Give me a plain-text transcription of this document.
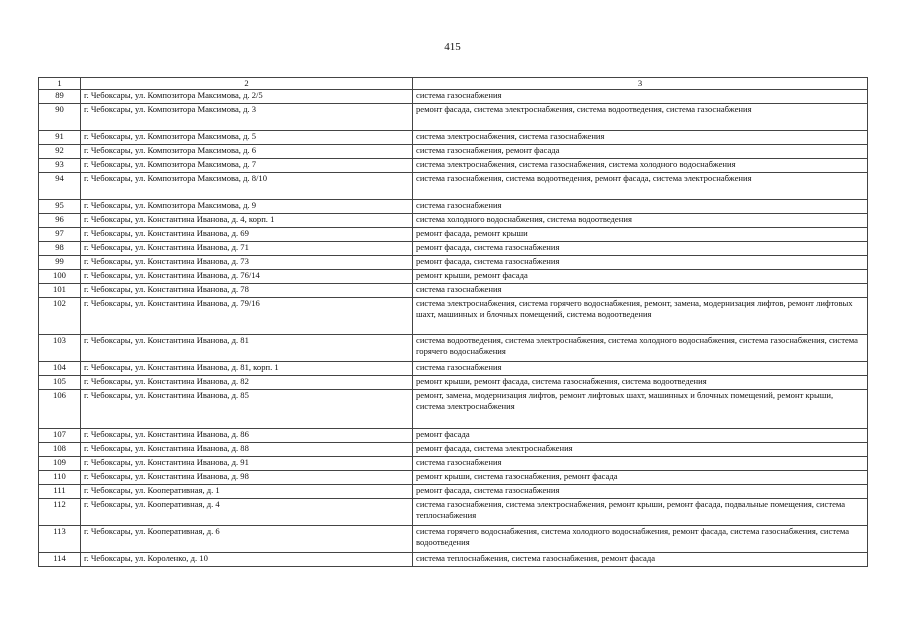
415
1	2	3
89	г. Чебоксары, ул. Композитора Максимова, д. 2/5	система газоснабжения
90	г. Чебоксары, ул. Композитора Максимова, д. 3	ремонт фасада, система электроснабжения, система водоотведения, система газоснабжения
91	г. Чебоксары, ул. Композитора Максимова, д. 5	система электроснабжения, система газоснабжения
92	г. Чебоксары, ул. Композитора Максимова, д. 6	система газоснабжения, ремонт фасада
93	г. Чебоксары, ул. Композитора Максимова, д. 7	система электроснабжения, система газоснабжения, система холодного водоснабжения
94	г. Чебоксары, ул. Композитора Максимова, д. 8/10	система газоснабжения, система водоотведения, ремонт фасада, система электроснабжения
95	г. Чебоксары, ул. Композитора Максимова, д. 9	система газоснабжения
96	г. Чебоксары, ул. Константина Иванова, д. 4, корп. 1	система холодного водоснабжения, система водоотведения
97	г. Чебоксары, ул. Константина Иванова, д. 69	ремонт фасада, ремонт крыши
98	г. Чебоксары, ул. Константина Иванова, д. 71	ремонт фасада, система газоснабжения
99	г. Чебоксары, ул. Константина Иванова, д. 73	ремонт фасада, система газоснабжения
100	г. Чебоксары, ул. Константина Иванова, д. 76/14	ремонт крыши, ремонт фасада
101	г. Чебоксары, ул. Константина Иванова, д. 78	система газоснабжения
102	г. Чебоксары, ул. Константина Иванова, д. 79/16	система электроснабжения, система горячего водоснабжения, ремонт, замена, модернизация лифтов, ремонт лифтовых шахт, машинных и блочных помещений, система водоотведения
103	г. Чебоксары, ул. Константина Иванова, д. 81	система водоотведения, система электроснабжения, система холодного водоснабжения, система газоснабжения, система горячего водоснабжения
104	г. Чебоксары, ул. Константина Иванова, д. 81, корп. 1	система газоснабжения
105	г. Чебоксары, ул. Константина Иванова, д. 82	ремонт крыши, ремонт фасада, система газоснабжения, система водоотведения
106	г. Чебоксары, ул. Константина Иванова, д. 85	ремонт, замена, модернизация лифтов, ремонт лифтовых шахт, машинных и блочных помещений, ремонт крыши, система электроснабжения
107	г. Чебоксары, ул. Константина Иванова, д. 86	ремонт фасада
108	г. Чебоксары, ул. Константина Иванова, д. 88	ремонт фасада, система электроснабжения
109	г. Чебоксары, ул. Константина Иванова, д. 91	система газоснабжения
110	г. Чебоксары, ул. Константина Иванова, д. 98	ремонт крыши, система газоснабжения, ремонт фасада
111	г. Чебоксары, ул. Кооперативная, д. 1	ремонт фасада, система газоснабжения
112	г. Чебоксары, ул. Кооперативная, д. 4	система газоснабжения, система электроснабжения, ремонт крыши, ремонт фасада, подвальные помещения, система теплоснабжения
113	г. Чебоксары, ул. Кооперативная, д. 6	система горячего водоснабжения, система холодного водоснабжения, ремонт фасада, система газоснабжения, система водоотведения
114	г. Чебоксары, ул. Короленко, д. 10	система теплоснабжения, система газоснабжения, ремонт фасада
